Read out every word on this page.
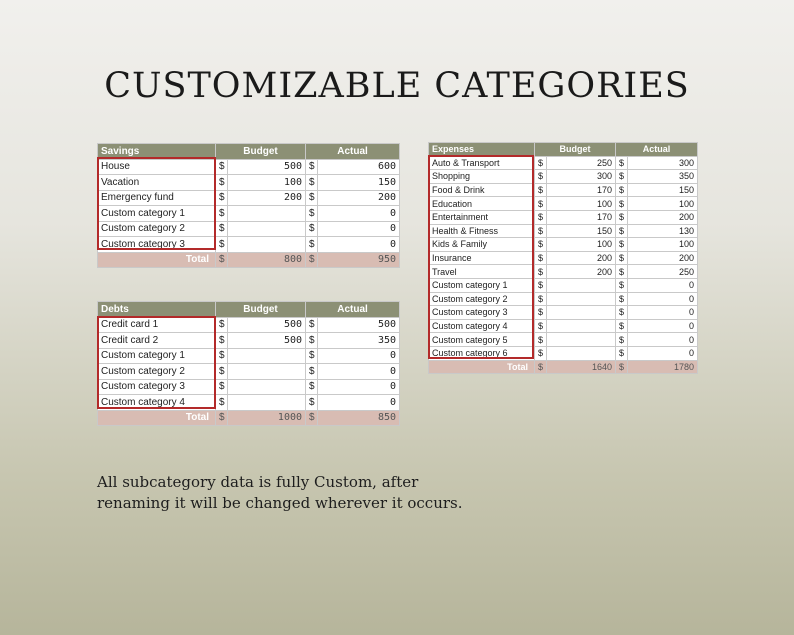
CUSTOMIZABLE CATEGORIES
Savings	Budget		Actual	
House	$	500	$	600
Vacation	$	100	$	150
Emergency fund	$	200	$	200
Custom category 1	$		$	0
Custom category 2	$		$	0
Custom category 3	$		$	0
Total	$	800	$	950
Debts	Budget		Actual	
Credit card 1	$	500	$	500
Credit card 2	$	500	$	350
Custom category 1	$		$	0
Custom category 2	$		$	0
Custom category 3	$		$	0
Custom category 4	$		$	0
Total	$	1000	$	850
Expenses	Budget		Actual	
Auto & Transport	$	250	$	300
Shopping	$	300	$	350
Food & Drink	$	170	$	150
Education	$	100	$	100
Entertainment	$	170	$	200
Health & Fitness	$	150	$	130
Kids & Family	$	100	$	100
Insurance	$	200	$	200
Travel	$	200	$	250
Custom category 1	$		$	0
Custom category 2	$		$	0
Custom category 3	$		$	0
Custom category 4	$		$	0
Custom category 5	$		$	0
Custom category 6	$		$	0
Total	$	1640	$	1780
All subcategory data is fully Custom, after
renaming it will be changed wherever it occurs.
